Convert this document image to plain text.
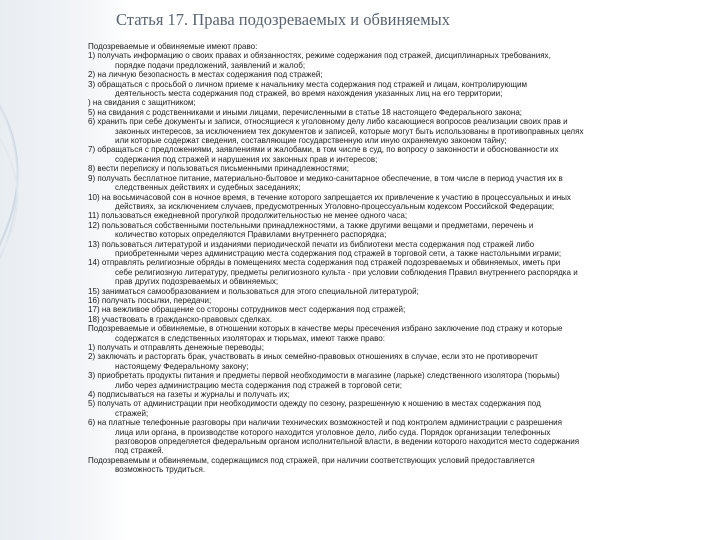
Статья 17. Права подозреваемых и обвиняемых

Подозреваемые и обвиняемые имеют право:

1) получать информацию о своих правах и обязанностях, режиме содержания под стражей, дисциплинарных требованиях,

порядке подачи предложений, заявлений и жалоб;

2) на личную безопасность в местах содержания под стражей;

3) обращаться с просьбой о личном приеме к начальнику места содержания под стражей и лицам, контролирующим

деятельность места содержания под стражей, во время нахождения указанных лиц на его территории;

) на свидания с защитником;

5) на свидания с родственниками и иными лицами, перечисленными в статье 18 настоящего Федерального закона;

6) хранить при себе документы и записи, относящиеся к уголовному делу либо касающиеся вопросов реализации своих прав и

законных интересов, за исключением тех документов и записей, которые могут быть использованы в противоправных целях

или которые содержат сведения, составляющие государственную или иную охраняемую законом тайну;

7) обращаться с предложениями, заявлениями и жалобами, в том числе в суд, по вопросу о законности и обоснованности их

содержания под стражей и нарушения их законных прав и интересов;

8) вести переписку и пользоваться письменными принадлежностями;

9) получать бесплатное питание, материально-бытовое и медико-санитарное обеспечение, в том числе в период участия их в

следственных действиях и судебных заседаниях;

10) на восьмичасовой сон в ночное время, в течение которого запрещается их привлечение к участию в процессуальных и иных

действиях, за исключением случаев, предусмотренных Уголовно-процессуальным кодексом Российской Федерации;

11) пользоваться ежедневной прогулкой продолжительностью не менее одного часа;

12) пользоваться собственными постельными принадлежностями, а также другими вещами и предметами, перечень и

количество которых определяются Правилами внутреннего распорядка;

13) пользоваться литературой и изданиями периодической печати из библиотеки места содержания под стражей либо

приобретенными через администрацию места содержания под стражей в торговой сети, а также настольными играми;

14) отправлять религиозные обряды в помещениях места содержания под стражей подозреваемых и обвиняемых, иметь при

себе религиозную литературу, предметы религиозного культа - при условии соблюдения Правил внутреннего распорядка и

прав других подозреваемых и обвиняемых;

15) заниматься самообразованием и пользоваться для этого специальной литературой;

16) получать посылки, передачи;

17) на вежливое обращение со стороны сотрудников мест содержания под стражей;

18) участвовать в гражданско-правовых сделках.

Подозреваемые и обвиняемые, в отношении которых в качестве меры пресечения избрано заключение под стражу и которые

содержатся в следственных изоляторах и тюрьмах, имеют также право:

1) получать и отправлять денежные переводы;

2) заключать и расторгать брак, участвовать в иных семейно-правовых отношениях в случае, если это не противоречит

настоящему Федеральному закону;

3) приобретать продукты питания и предметы первой необходимости в магазине (ларьке) следственного изолятора (тюрьмы)

либо через администрацию места содержания под стражей в торговой сети;

4) подписываться на газеты и журналы и получать их;

5) получать от администрации при необходимости одежду по сезону, разрешенную к ношению в местах содержания под

стражей;

6) на платные телефонные разговоры при наличии технических возможностей и под контролем администрации с разрешения

лица или органа, в производстве которого находится уголовное дело, либо суда. Порядок организации телефонных

разговоров определяется федеральным органом исполнительной власти, в ведении которого находится место содержания

под стражей.

Подозреваемым и обвиняемым, содержащимся под стражей, при наличии соответствующих условий предоставляется

возможность трудиться.
